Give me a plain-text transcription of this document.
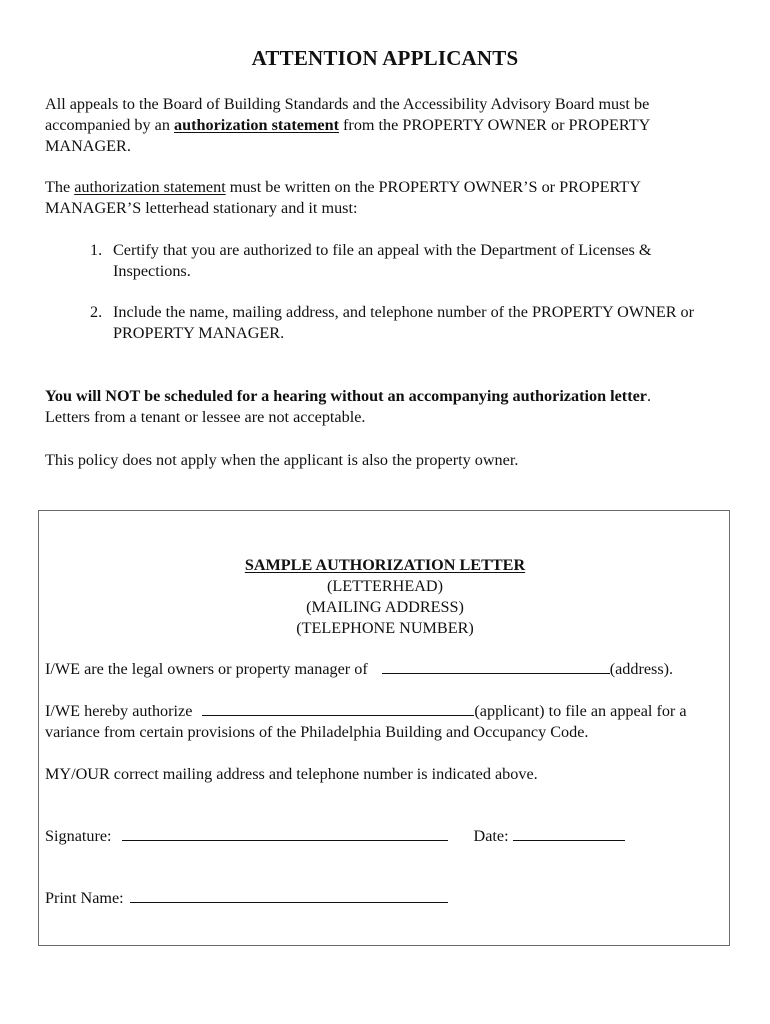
ATTENTION APPLICANTS
All appeals to the Board of Building Standards and the Accessibility Advisory Board must be accompanied by an authorization statement from the PROPERTY OWNER or PROPERTY MANAGER.
The authorization statement must be written on the PROPERTY OWNER’S or PROPERTY MANAGER’S letterhead stationary and it must:
1. Certify that you are authorized to file an appeal with the Department of Licenses & Inspections.
2. Include the name, mailing address, and telephone number of the PROPERTY OWNER or PROPERTY MANAGER.
You will NOT be scheduled for a hearing without an accompanying authorization letter.
Letters from a tenant or lessee are not acceptable.
This policy does not apply when the applicant is also the property owner.
SAMPLE AUTHORIZATION LETTER
(LETTERHEAD)
(MAILING ADDRESS)
(TELEPHONE NUMBER)
I/WE are the legal owners or property manager of	(address).
I/WE hereby authorize	(applicant) to file an appeal for a
variance from certain provisions of the Philadelphia Building and Occupancy Code.
MY/OUR correct mailing address and telephone number is indicated above.
Signature:	Date:
Print Name:
